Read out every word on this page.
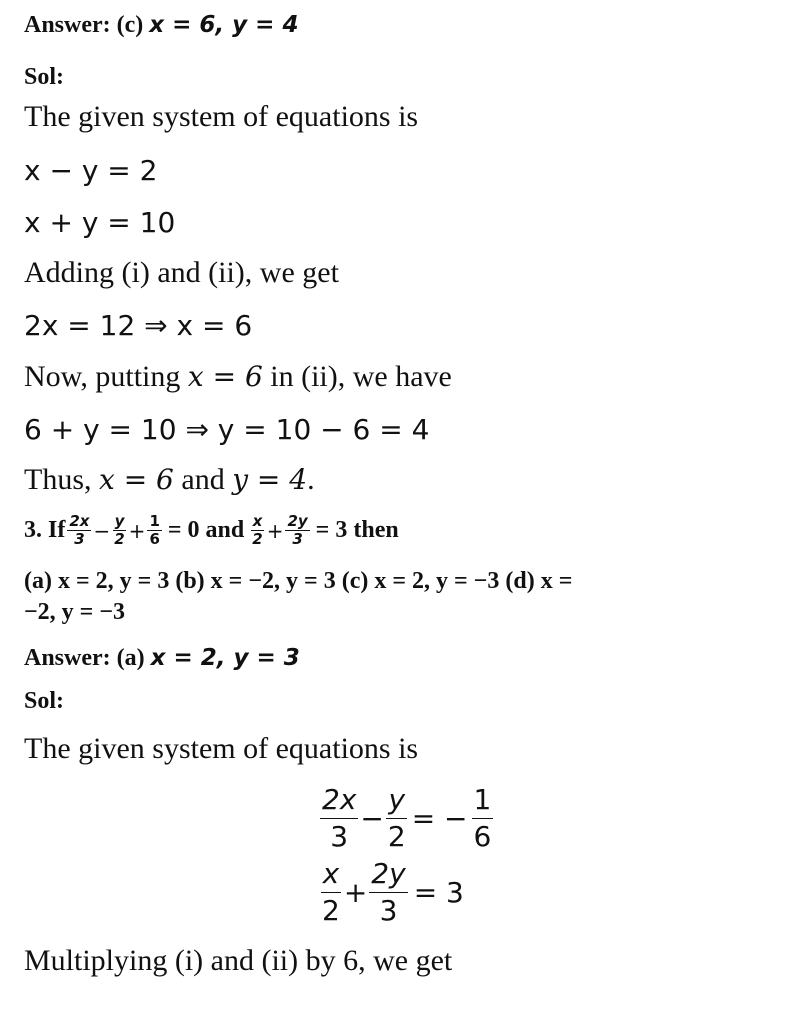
Answer: (c) x = 6, y = 4
Sol:
The given system of equations is
x − y = 2
x + y = 10
Adding (i) and (ii), we get
2x = 12 ⇒ x = 6
Now, putting x = 6 in (ii), we have
6 + y = 10 ⇒ y = 10 − 6 = 4
Thus, x = 6 and y = 4.
3. If $\frac{2x}{3} - \frac{y}{2} + \frac{1}{6} = 0$ and $\frac{x}{2} + \frac{2y}{3} = 3$ then
(a) x = 2, y = 3 (b) x = −2, y = 3 (c) x = 2, y = −3 (d) x =
−2, y = −3
Answer: (a) x = 2, y = 3
Sol:
The given system of equations is
$\frac{2x}{3} - \frac{y}{2}$ = − $\frac{1}{6}$
$\frac{x}{2} + \frac{2y}{3} = 3$
Multiplying (i) and (ii) by 6, we get
